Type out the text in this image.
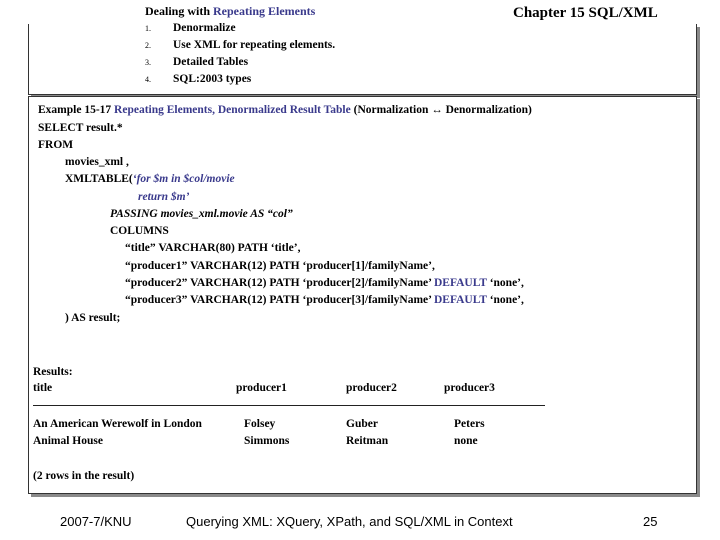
Dealing with Repeating Elements	Chapter 15 SQL/XML
1. Denormalize
2. Use XML for repeating elements.
3. Detailed Tables
4. SQL:2003 types
Example 15-17 Repeating Elements, Denormalized Result Table (Normalization ↔ Denormalization)
SELECT result.*
FROM
movies_xml ,
XMLTABLE(‘for $m in $col/movie
return $m’
PASSING movies_xml.movie AS “col”
COLUMNS
“title” VARCHAR(80) PATH ‘title’,
“producer1” VARCHAR(12) PATH ‘producer[1]/familyName’,
“producer2” VARCHAR(12) PATH ‘producer[2]/familyName’ DEFAULT ‘none’,
“producer3” VARCHAR(12) PATH ‘producer[3]/familyName’ DEFAULT ‘none’,
) AS result;
Results:
title	producer1	producer2	producer3
An American Werewolf in London	Folsey	Guber	Peters
Animal House	Simmons	Reitman	none
(2 rows in the result)
2007-7/KNU	Querying XML: XQuery, XPath, and SQL/XML in Context	25
